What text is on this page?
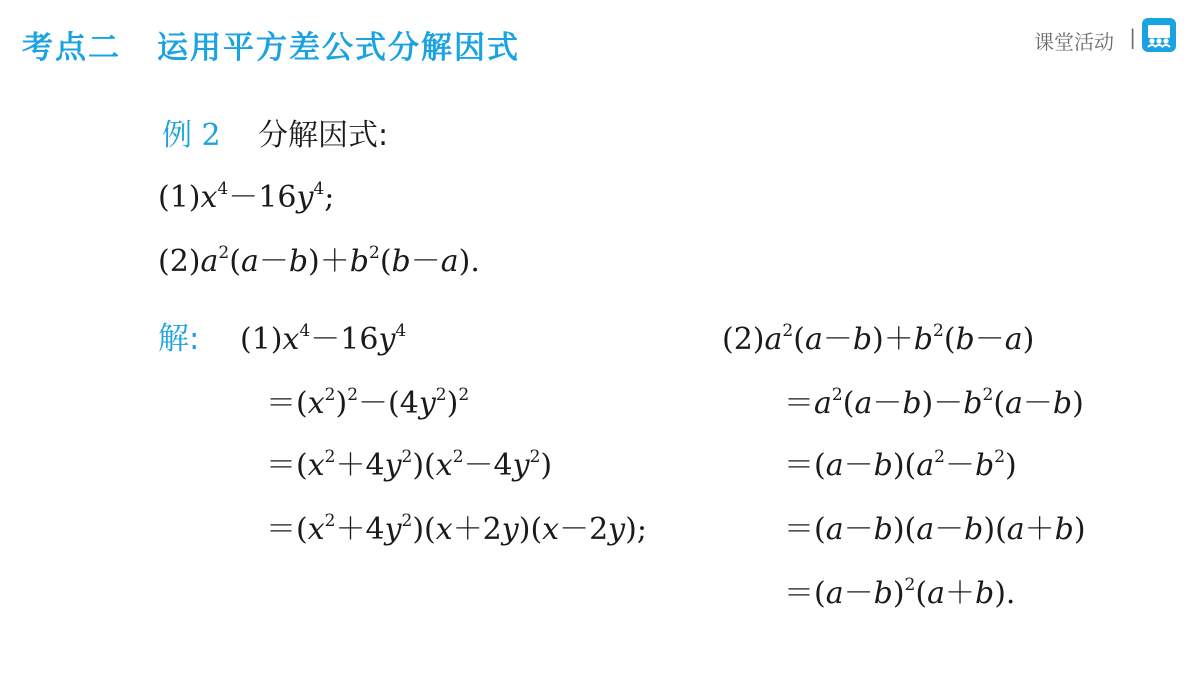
考点二 运用平方差公式分解因式	课堂活动 |
例 2 分解因式:
$(1)x^4-16y^4$;
$(2)a^2(a-b)+b^2(b-a)$.
解: $(1)x^4-16y^4$
$=(x^2)^2-(4y^2)^2$
$=(x^2+4y^2)(x^2-4y^2)$
$=(x^2+4y^2)(x+2y)(x-2y)$;
$(2)a^2(a-b)+b^2(b-a)$
$=a^2(a-b)-b^2(a-b)$
$=(a-b)(a^2-b^2)$
＝(a－b)(a－b)(a＋b)
$=(a-b)^2(a+b)$.
